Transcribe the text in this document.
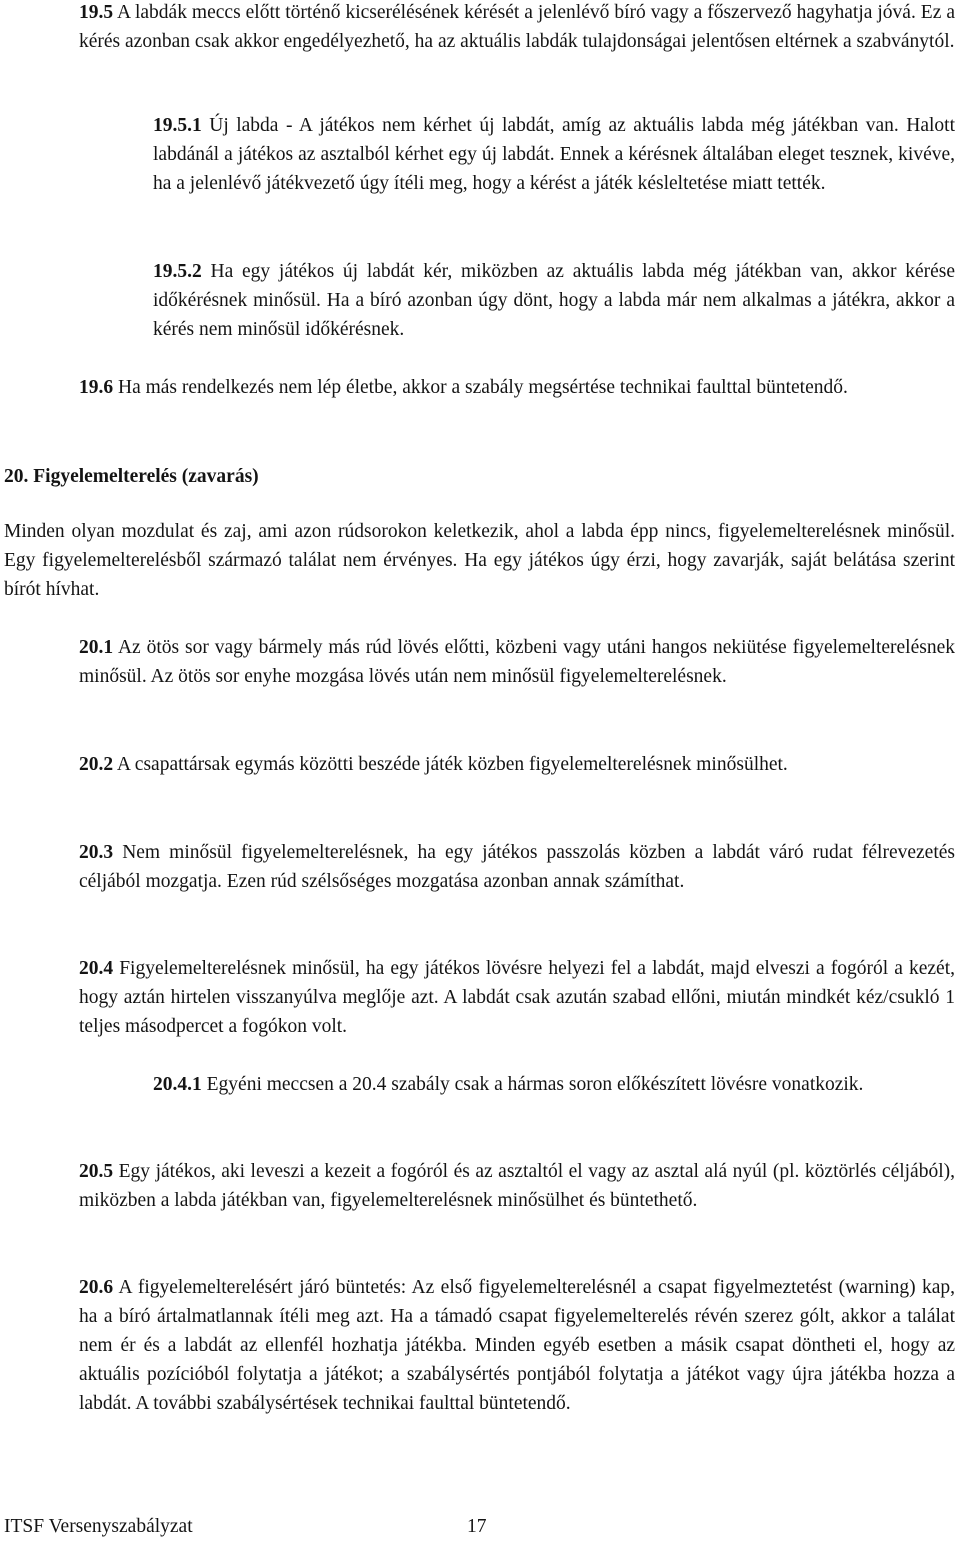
19.5 A labdák meccs előtt történő kicserélésének kérését a jelenlévő bíró vagy a főszervező hagyhatja jóvá. Ez a kérés azonban csak akkor engedélyezhető, ha az aktuális labdák tulajdonságai jelentősen eltérnek a szabványtól.

19.5.1 Új labda - A játékos nem kérhet új labdát, amíg az aktuális labda még játékban van. Halott labdánál a játékos az asztalból kérhet egy új labdát. Ennek a kérésnek általában eleget tesznek, kivéve, ha a jelenlévő játékvezető úgy ítéli meg, hogy a kérést a játék késleltetése miatt tették.

19.5.2 Ha egy játékos új labdát kér, miközben az aktuális labda még játékban van, akkor kérése időkérésnek minősül. Ha a bíró azonban úgy dönt, hogy a labda már nem alkalmas a játékra, akkor a kérés nem minősül időkérésnek.

19.6 Ha más rendelkezés nem lép életbe, akkor a szabály megsértése technikai faulttal büntetendő.

20. Figyelemelterelés (zavarás)

Minden olyan mozdulat és zaj, ami azon rúdsorokon keletkezik, ahol a labda épp nincs, figyelemelterelésnek minősül. Egy figyelemelterelésből származó találat nem érvényes. Ha egy játékos úgy érzi, hogy zavarják, saját belátása szerint bírót hívhat.

20.1 Az ötös sor vagy bármely más rúd lövés előtti, közbeni vagy utáni hangos nekiütése figyelemelterelésnek minősül. Az ötös sor enyhe mozgása lövés után nem minősül figyelemelterelésnek.

20.2 A csapattársak egymás közötti beszéde játék közben figyelemelterelésnek minősülhet.

20.3 Nem minősül figyelemelterelésnek, ha egy játékos passzolás közben a labdát váró rudat félrevezetés céljából mozgatja. Ezen rúd szélsőséges mozgatása azonban annak számíthat.

20.4 Figyelemelterelésnek minősül, ha egy játékos lövésre helyezi fel a labdát, majd elveszi a fogóról a kezét, hogy aztán hirtelen visszanyúlva meglője azt. A labdát csak azután szabad ellőni, miután mindkét kéz/csukló 1 teljes másodpercet a fogókon volt.

20.4.1 Egyéni meccsen a 20.4 szabály csak a hármas soron előkészített lövésre vonatkozik.

20.5 Egy játékos, aki leveszi a kezeit a fogóról és az asztaltól el vagy az asztal alá nyúl (pl. köztörlés céljából), miközben a labda játékban van, figyelemelterelésnek minősülhet és büntethető.

20.6 A figyelemelterelésért járó büntetés: Az első figyelemelterelésnél a csapat figyelmeztetést (warning) kap, ha a bíró ártalmatlannak ítéli meg azt. Ha a támadó csapat figyelemelterelés révén szerez gólt, akkor a találat nem ér és a labdát az ellenfél hozhatja játékba. Minden egyéb esetben a másik csapat döntheti el, hogy az aktuális pozícióból folytatja a játékot; a szabálysértés pontjából folytatja a játékot vagy újra játékba hozza a labdát. A további szabálysértések technikai faulttal büntetendő.

ITSF Versenyszabályzat	17
